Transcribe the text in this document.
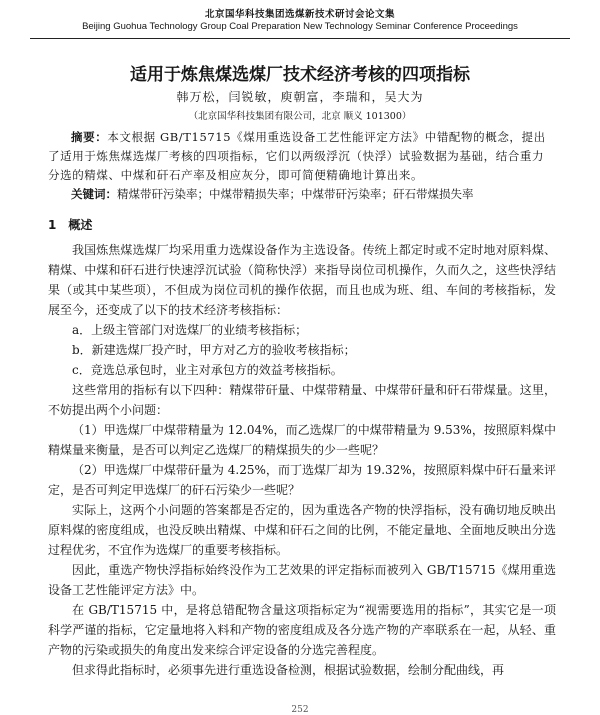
北京国华科技集团选煤新技术研讨会论文集
Beijing Guohua Technology Group Coal Preparation New Technology Seminar Conference Proceedings
适用于炼焦煤选煤厂技术经济考核的四项指标
韩万松，闫锐敏，庾朝富，李瑞和，吴大为
（北京国华科技集团有限公司，北京 顺义 101300）
摘要：本文根据 GB/T15715《煤用重选设备工艺性能评定方法》中错配物的概念，提出了适用于炼焦煤选煤厂考核的四项指标，它们以两级浮沉（快浮）试验数据为基础，结合重力分选的精煤、中煤和矸石产率及相应灰分，即可简便精确地计算出来。
关键词：精煤带矸污染率；中煤带精损失率；中煤带矸污染率；矸石带煤损失率
1 概述

我国炼焦煤选煤厂均采用重力选煤设备作为主选设备。传统上都定时或不定时地对原料煤、精煤、中煤和矸石进行快速浮沉试验（简称快浮）来指导岗位司机操作，久而久之，这些快浮结果（或其中某些项），不但成为岗位司机的操作依据，而且也成为班、组、车间的考核指标，发展至今，还变成了以下的技术经济考核指标：

a．上级主管部门对选煤厂的业绩考核指标；

b．新建选煤厂投产时，甲方对乙方的验收考核指标；

c．竞选总承包时，业主对承包方的效益考核指标。

这些常用的指标有以下四种：精煤带矸量、中煤带精量、中煤带矸量和矸石带煤量。这里，不妨提出两个小问题：

（1）甲选煤厂中煤带精量为 12.04%，而乙选煤厂的中煤带精量为 9.53%，按照原料煤中精煤量来衡量，是否可以判定乙选煤厂的精煤损失的少一些呢？

（2）甲选煤厂中煤带矸量为 4.25%，而丁选煤厂却为 19.32%，按照原料煤中矸石量来评定，是否可判定甲选煤厂的矸石污染少一些呢？

实际上，这两个小问题的答案都是否定的，因为重选各产物的快浮指标，没有确切地反映出原料煤的密度组成，也没反映出精煤、中煤和矸石之间的比例，不能定量地、全面地反映出分选过程优劣，不宜作为选煤厂的重要考核指标。

因此，重选产物快浮指标始终没作为工艺效果的评定指标而被列入 GB/T15715《煤用重选设备工艺性能评定方法》中。

在 GB/T15715 中，是将总错配物含量这项指标定为“视需要选用的指标”，其实它是一项科学严谨的指标，它定量地将入料和产物的密度组成及各分选产物的产率联系在一起，从轻、重产物的污染或损失的角度出发来综合评定设备的分选完善程度。

但求得此指标时，必须事先进行重选设备检测，根据试验数据，绘制分配曲线，再

252
